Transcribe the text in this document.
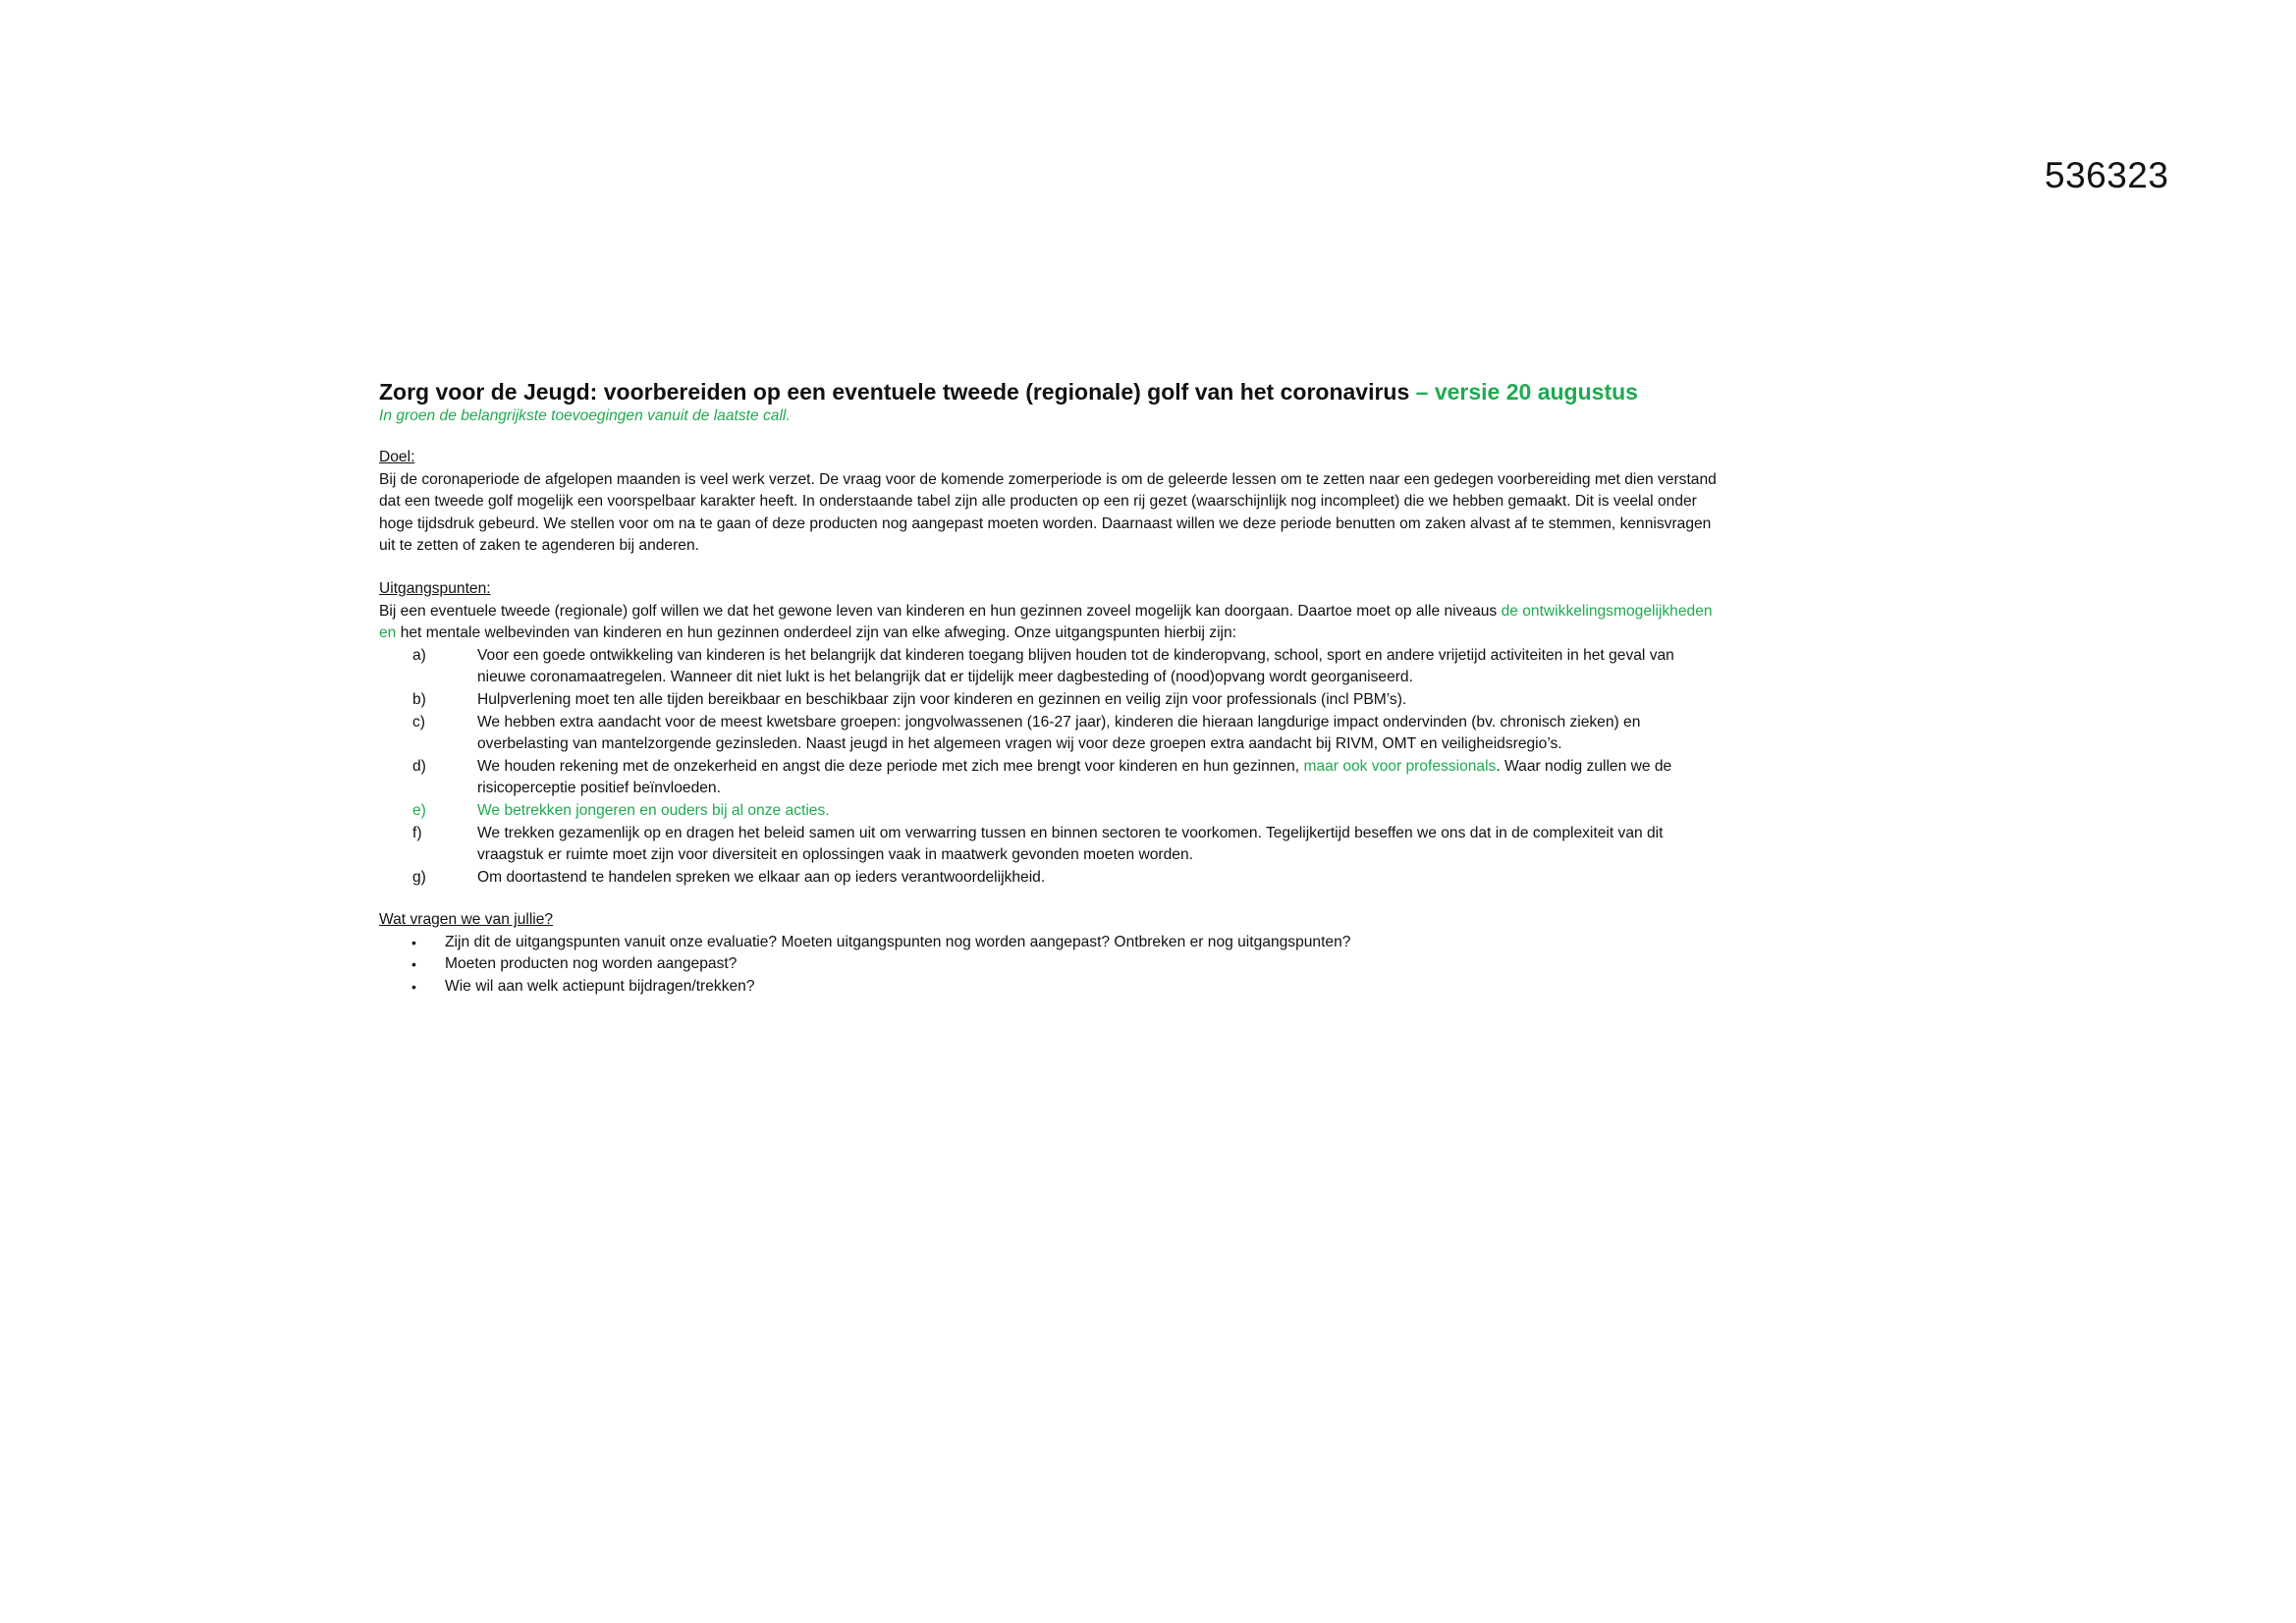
536323

Zorg voor de Jeugd: voorbereiden op een eventuele tweede (regionale) golf van het coronavirus – versie 20 augustus

In groen de belangrijkste toevoegingen vanuit de laatste call.

Doel:

Bij de coronaperiode de afgelopen maanden is veel werk verzet. De vraag voor de komende zomerperiode is om de geleerde lessen om te zetten naar een gedegen voorbereiding met dien verstand dat een tweede golf mogelijk een voorspelbaar karakter heeft. In onderstaande tabel zijn alle producten op een rij gezet (waarschijnlijk nog incompleet) die we hebben gemaakt. Dit is veelal onder hoge tijdsdruk gebeurd. We stellen voor om na te gaan of deze producten nog aangepast moeten worden. Daarnaast willen we deze periode benutten om zaken alvast af te stemmen, kennisvragen uit te zetten of zaken te agenderen bij anderen.

Uitgangspunten:

Bij een eventuele tweede (regionale) golf willen we dat het gewone leven van kinderen en hun gezinnen zoveel mogelijk kan doorgaan. Daartoe moet op alle niveaus de ontwikkelingsmogelijkheden en het mentale welbevinden van kinderen en hun gezinnen onderdeel zijn van elke afweging. Onze uitgangspunten hierbij zijn:

a)	Voor een goede ontwikkeling van kinderen is het belangrijk dat kinderen toegang blijven houden tot de kinderopvang, school, sport en andere vrijetijd activiteiten in het geval van nieuwe coronamaatregelen. Wanneer dit niet lukt is het belangrijk dat er tijdelijk meer dagbesteding of (nood)opvang wordt georganiseerd.
b)	Hulpverlening moet ten alle tijden bereikbaar en beschikbaar zijn voor kinderen en gezinnen en veilig zijn voor professionals (incl PBM’s).
c)	We hebben extra aandacht voor de meest kwetsbare groepen: jongvolwassenen (16-27 jaar), kinderen die hieraan langdurige impact ondervinden (bv. chronisch zieken) en overbelasting van mantelzorgende gezinsleden. Naast jeugd in het algemeen vragen wij voor deze groepen extra aandacht bij RIVM, OMT en veiligheidsregio’s.
d)	We houden rekening met de onzekerheid en angst die deze periode met zich mee brengt voor kinderen en hun gezinnen, maar ook voor professionals. Waar nodig zullen we de risicoperceptie positief beïnvloeden.
e)	We betrekken jongeren en ouders bij al onze acties.
f)	We trekken gezamenlijk op en dragen het beleid samen uit om verwarring tussen en binnen sectoren te voorkomen. Tegelijkertijd beseffen we ons dat in de complexiteit van dit vraagstuk er ruimte moet zijn voor diversiteit en oplossingen vaak in maatwerk gevonden moeten worden.
g)	Om doortastend te handelen spreken we elkaar aan op ieders verantwoordelijkheid.
Wat vragen we van jullie?
•	Zijn dit de uitgangspunten vanuit onze evaluatie? Moeten uitgangspunten nog worden aangepast? Ontbreken er nog uitgangspunten?
•	Moeten producten nog worden aangepast?
•	Wie wil aan welk actiepunt bijdragen/trekken?
